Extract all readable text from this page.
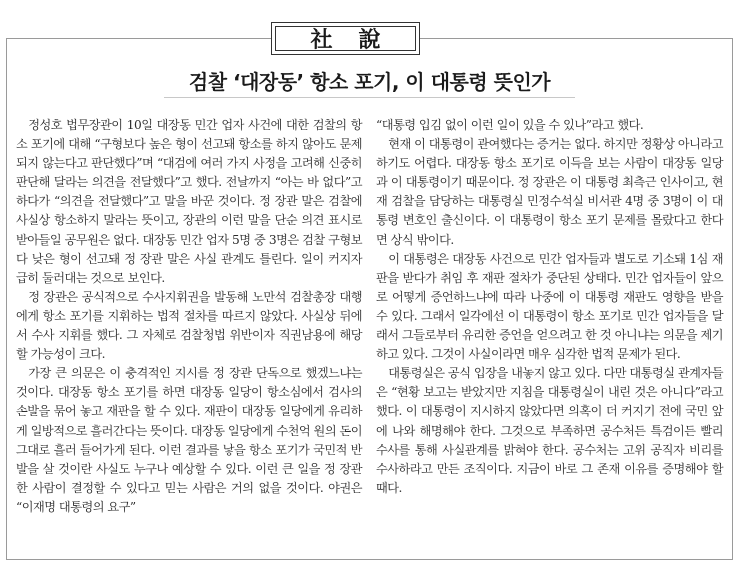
社說
검찰 ‘대장동’ 항소 포기, 이 대통령 뜻인가

정성호 법무장관이 10일 대장동 민간 업자 사건에 대한 검찰의 항소 포기에 대해 “구형보다 높은 형이 선고돼 항소를 하지 않아도 문제 되지 않는다고 판단했다”며 “대검에 여러 가지 사정을 고려해 신중히 판단해 달라는 의견을 전달했다”고 했다. 전날까지 “아는 바 없다”고 하다가 “의견을 전달했다”고 말을 바꾼 것이다. 정 장관 말은 검찰에 사실상 항소하지 말라는 뜻이고, 장관의 이런 말을 단순 의견 표시로 받아들일 공무원은 없다. 대장동 민간 업자 5명 중 3명은 검찰 구형보다 낮은 형이 선고돼 정 장관 말은 사실 관계도 틀린다. 일이 커지자 급히 둘러대는 것으로 보인다.

정 장관은 공식적으로 수사지휘권을 발동해 노만석 검찰총장 대행에게 항소 포기를 지휘하는 법적 절차를 따르지 않았다. 사실상 뒤에서 수사 지휘를 했다. 그 자체로 검찰청법 위반이자 직권남용에 해당할 가능성이 크다.

가장 큰 의문은 이 충격적인 지시를 정 장관 단독으로 했겠느냐는 것이다. 대장동 항소 포기를 하면 대장동 일당이 항소심에서 검사의 손발을 묶어 놓고 재판을 할 수 있다. 재판이 대장동 일당에게 유리하게 일방적으로 흘러간다는 뜻이다. 대장동 일당에게 수천억 원의 돈이 그대로 흘러 들어가게 된다. 이런 결과를 낳을 항소 포기가 국민적 반발을 살 것이란 사실도 누구나 예상할 수 있다. 이런 큰 일을 정 장관 한 사람이 결정할 수 있다고 믿는 사람은 거의 없을 것이다. 야권은 “이재명 대통령의 요구”

“대통령 입김 없이 이런 일이 있을 수 있나”라고 했다.

현재 이 대통령이 관여했다는 증거는 없다. 하지만 정황상 아니라고 하기도 어렵다. 대장동 항소 포기로 이득을 보는 사람이 대장동 일당과 이 대통령이기 때문이다. 정 장관은 이 대통령 최측근 인사이고, 현재 검찰을 담당하는 대통령실 민정수석실 비서관 4명 중 3명이 이 대통령 변호인 출신이다. 이 대통령이 항소 포기 문제를 몰랐다고 한다면 상식 밖이다.

이 대통령은 대장동 사건으로 민간 업자들과 별도로 기소돼 1심 재판을 받다가 취임 후 재판 절차가 중단된 상태다. 민간 업자들이 앞으로 어떻게 증언하느냐에 따라 나중에 이 대통령 재판도 영향을 받을 수 있다. 그래서 일각에선 이 대통령이 항소 포기로 민간 업자들을 달래서 그들로부터 유리한 증언을 얻으려고 한 것 아니냐는 의문을 제기하고 있다. 그것이 사실이라면 매우 심각한 법적 문제가 된다.

대통령실은 공식 입장을 내놓지 않고 있다. 다만 대통령실 관계자들은 “현황 보고는 받았지만 지침을 대통령실이 내린 것은 아니다”라고 했다. 이 대통령이 지시하지 않았다면 의혹이 더 커지기 전에 국민 앞에 나와 해명해야 한다. 그것으로 부족하면 공수처든 특검이든 빨리 수사를 통해 사실관계를 밝혀야 한다. 공수처는 고위 공직자 비리를 수사하라고 만든 조직이다. 지금이 바로 그 존재 이유를 증명해야 할 때다.
